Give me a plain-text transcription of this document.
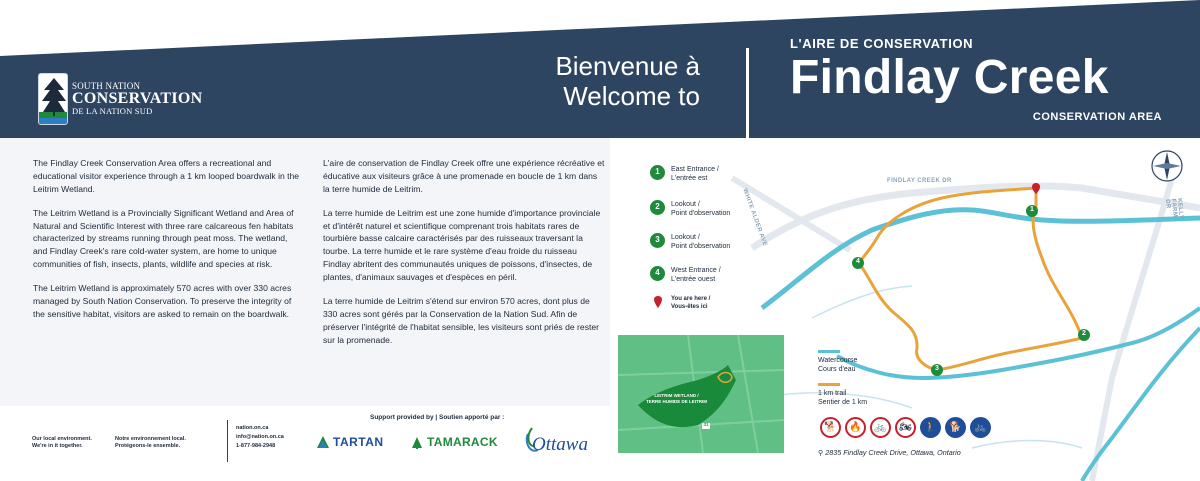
SOUTH NATION
CONSERVATION
DE LA NATION SUD
Bienvenue à
Welcome to
L'AIRE DE CONSERVATION
Findlay Creek
CONSERVATION AREA

The Findlay Creek Conservation Area offers a recreational and educational visitor experience through a 1 km looped boardwalk in the Leitrim Wetland.

The Leitrim Wetland is a Provincially Significant Wetland and Area of Natural and Scientific Interest with three rare calcareous fen habitats characterized by streams running through peat moss. The wetland, and Findlay Creek's rare cold-water system, are home to unique communities of fish, insects, plants, wildlife and species at risk.

The Leitrim Wetland is approximately 570 acres with over 330 acres managed by South Nation Conservation. To preserve the integrity of the sensitive habitat, visitors are asked to remain on the boardwalk.

L'aire de conservation de Findlay Creek offre une expérience récréative et éducative aux visiteurs grâce à une promenade en boucle de 1 km dans la terre humide de Leitrim.

La terre humide de Leitrim est une zone humide d'importance provinciale et d'intérêt naturel et scientifique comprenant trois habitats rares de tourbière basse calcaire caractérisés par des ruisseaux traversant la tourbe. La terre humide et le rare système d'eau froide du ruisseau Findlay abritent des communautés uniques de poissons, d'insectes, de plantes, d'animaux sauvages et d'espèces en péril.

La terre humide de Leitrim s'étend sur environ 570 acres, dont plus de 330 acres sont gérés par la Conservation de la Nation Sud. Afin de préserver l'intégrité de l'habitat sensible, les visiteurs sont priés de rester sur la promenade.

Our local environment.
We're in it together.
Notre environnement local.
Protégeons-le ensemble.
nation.on.ca
info@nation.on.ca
1-877-984-2948
Support provided by | Soutien apporté par :
TARTAN	TAMARACK Ottawa
FINDLAY CREEK DR
WHITE ALDER AVE	KELLY FARM DR
1
2
3
4
1	East Entrance /
L'entrée est
2	Lookout /
Point d'observation
3	Lookout /
Point d'observation
4	West Entrance /
L'entrée ouest
You are here /
Vous-êtes ici
LEITRIM WETLAND /
TERRE HUMIDE DE LEITRIM
31
Watercourse
Cours d'eau
1 km trail
Sentier de 1 km
🐕	🔥	🚲	🏍	🚶	🐕	🚲
⚲ 2835 Findlay Creek Drive, Ottawa, Ontario
